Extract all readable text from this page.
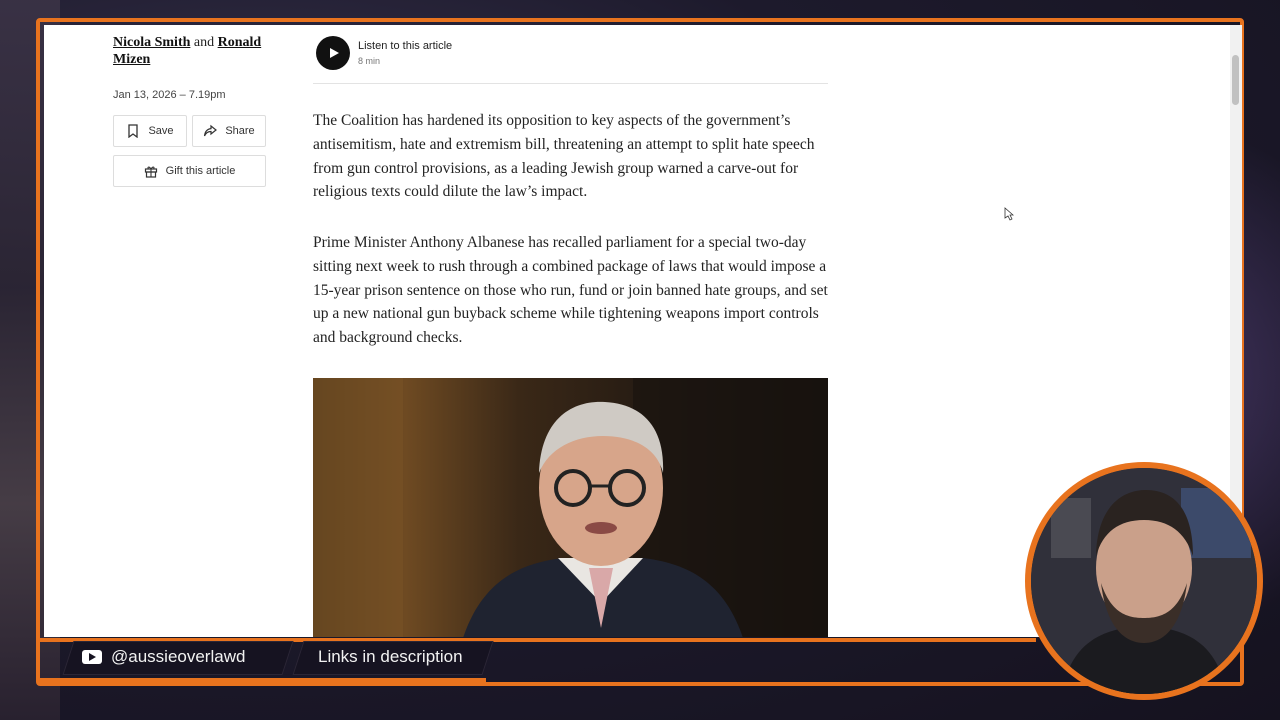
Nicola Smith and Ronald Mizen
Jan 13, 2026 – 7.19pm
Save	Share
Gift this article
Listen to this article
8 min

The Coalition has hardened its opposition to key aspects of the government’s antisemitism, hate and extremism bill, threatening an attempt to split hate speech from gun control provisions, as a leading Jewish group warned a carve-out for religious texts could dilute the law’s impact.

Prime Minister Anthony Albanese has recalled parliament for a special two-day sitting next week to rush through a combined package of laws that would impose a 15-year prison sentence on those who run, fund or join banned hate groups, and set up a new national gun buyback scheme while tightening weapons import controls and background checks.

@aussieoverlawd	Links in description
